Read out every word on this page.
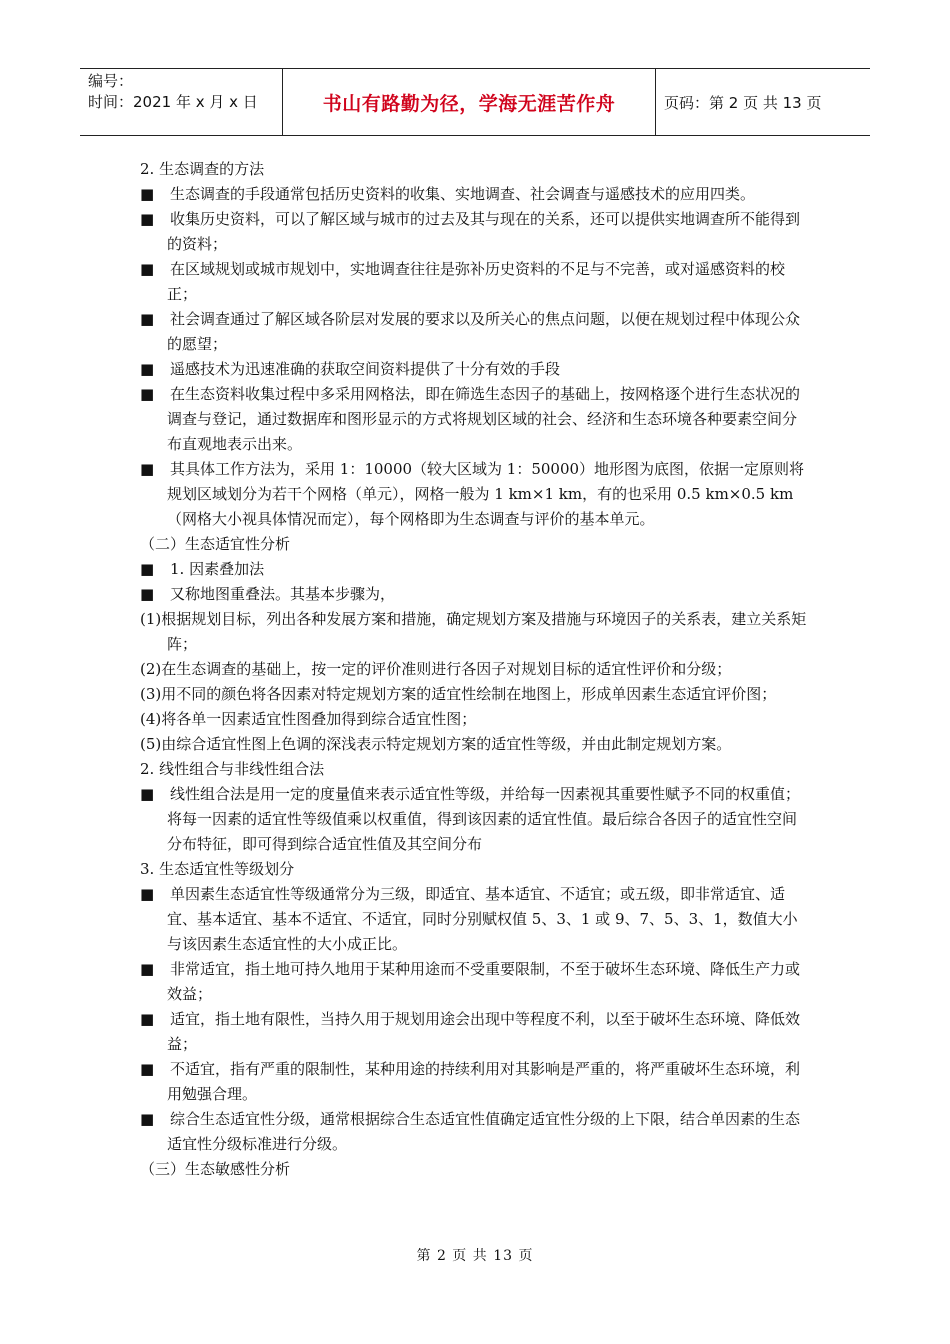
编号：
时间：2021 年 x 月 x 日	书山有路勤为径，学海无涯苦作舟	页码：第 2 页 共 13 页

2. 生态调查的方法

■ 生态调查的手段通常包括历史资料的收集、实地调查、社会调查与遥感技术的应用四类。

■ 收集历史资料，可以了解区域与城市的过去及其与现在的关系，还可以提供实地调查所不能得到的资料；

■ 在区域规划或城市规划中，实地调查往往是弥补历史资料的不足与不完善，或对遥感资料的校正；

■ 社会调查通过了解区域各阶层对发展的要求以及所关心的焦点问题，以便在规划过程中体现公众的愿望；

■ 遥感技术为迅速准确的获取空间资料提供了十分有效的手段

■ 在生态资料收集过程中多采用网格法，即在筛选生态因子的基础上，按网格逐个进行生态状况的调查与登记，通过数据库和图形显示的方式将规划区域的社会、经济和生态环境各种要素空间分布直观地表示出来。

■ 其具体工作方法为，采用 1：10000（较大区域为 1：50000）地形图为底图，依据一定原则将规划区域划分为若干个网格（单元），网格一般为 1 km×1 km，有的也采用 0.5 km×0.5 km（网格大小视具体情况而定），每个网格即为生态调查与评价的基本单元。

（二）生态适宜性分析

■ 1. 因素叠加法

■ 又称地图重叠法。其基本步骤为，

(1)根据规划目标，列出各种发展方案和措施，确定规划方案及措施与环境因子的关系表，建立关系矩阵；

(2)在生态调查的基础上，按一定的评价准则进行各因子对规划目标的适宜性评价和分级；

(3)用不同的颜色将各因素对特定规划方案的适宜性绘制在地图上，形成单因素生态适宜评价图；

(4)将各单一因素适宜性图叠加得到综合适宜性图；

(5)由综合适宜性图上色调的深浅表示特定规划方案的适宜性等级，并由此制定规划方案。

2. 线性组合与非线性组合法

■ 线性组合法是用一定的度量值来表示适宜性等级，并给每一因素视其重要性赋予不同的权重值；将每一因素的适宜性等级值乘以权重值，得到该因素的适宜性值。最后综合各因子的适宜性空间分布特征，即可得到综合适宜性值及其空间分布

3. 生态适宜性等级划分

■ 单因素生态适宜性等级通常分为三级，即适宜、基本适宜、不适宜；或五级，即非常适宜、适宜、基本适宜、基本不适宜、不适宜，同时分别赋权值 5、3、1 或 9、7、5、3、1，数值大小与该因素生态适宜性的大小成正比。

■ 非常适宜，指土地可持久地用于某种用途而不受重要限制，不至于破坏生态环境、降低生产力或效益；

■ 适宜，指土地有限性，当持久用于规划用途会出现中等程度不利，以至于破坏生态环境、降低效益；

■ 不适宜，指有严重的限制性，某种用途的持续利用对其影响是严重的，将严重破坏生态环境，利用勉强合理。

■ 综合生态适宜性分级，通常根据综合生态适宜性值确定适宜性分级的上下限，结合单因素的生态适宜性分级标准进行分级。

（三）生态敏感性分析

第 2 页 共 13 页
